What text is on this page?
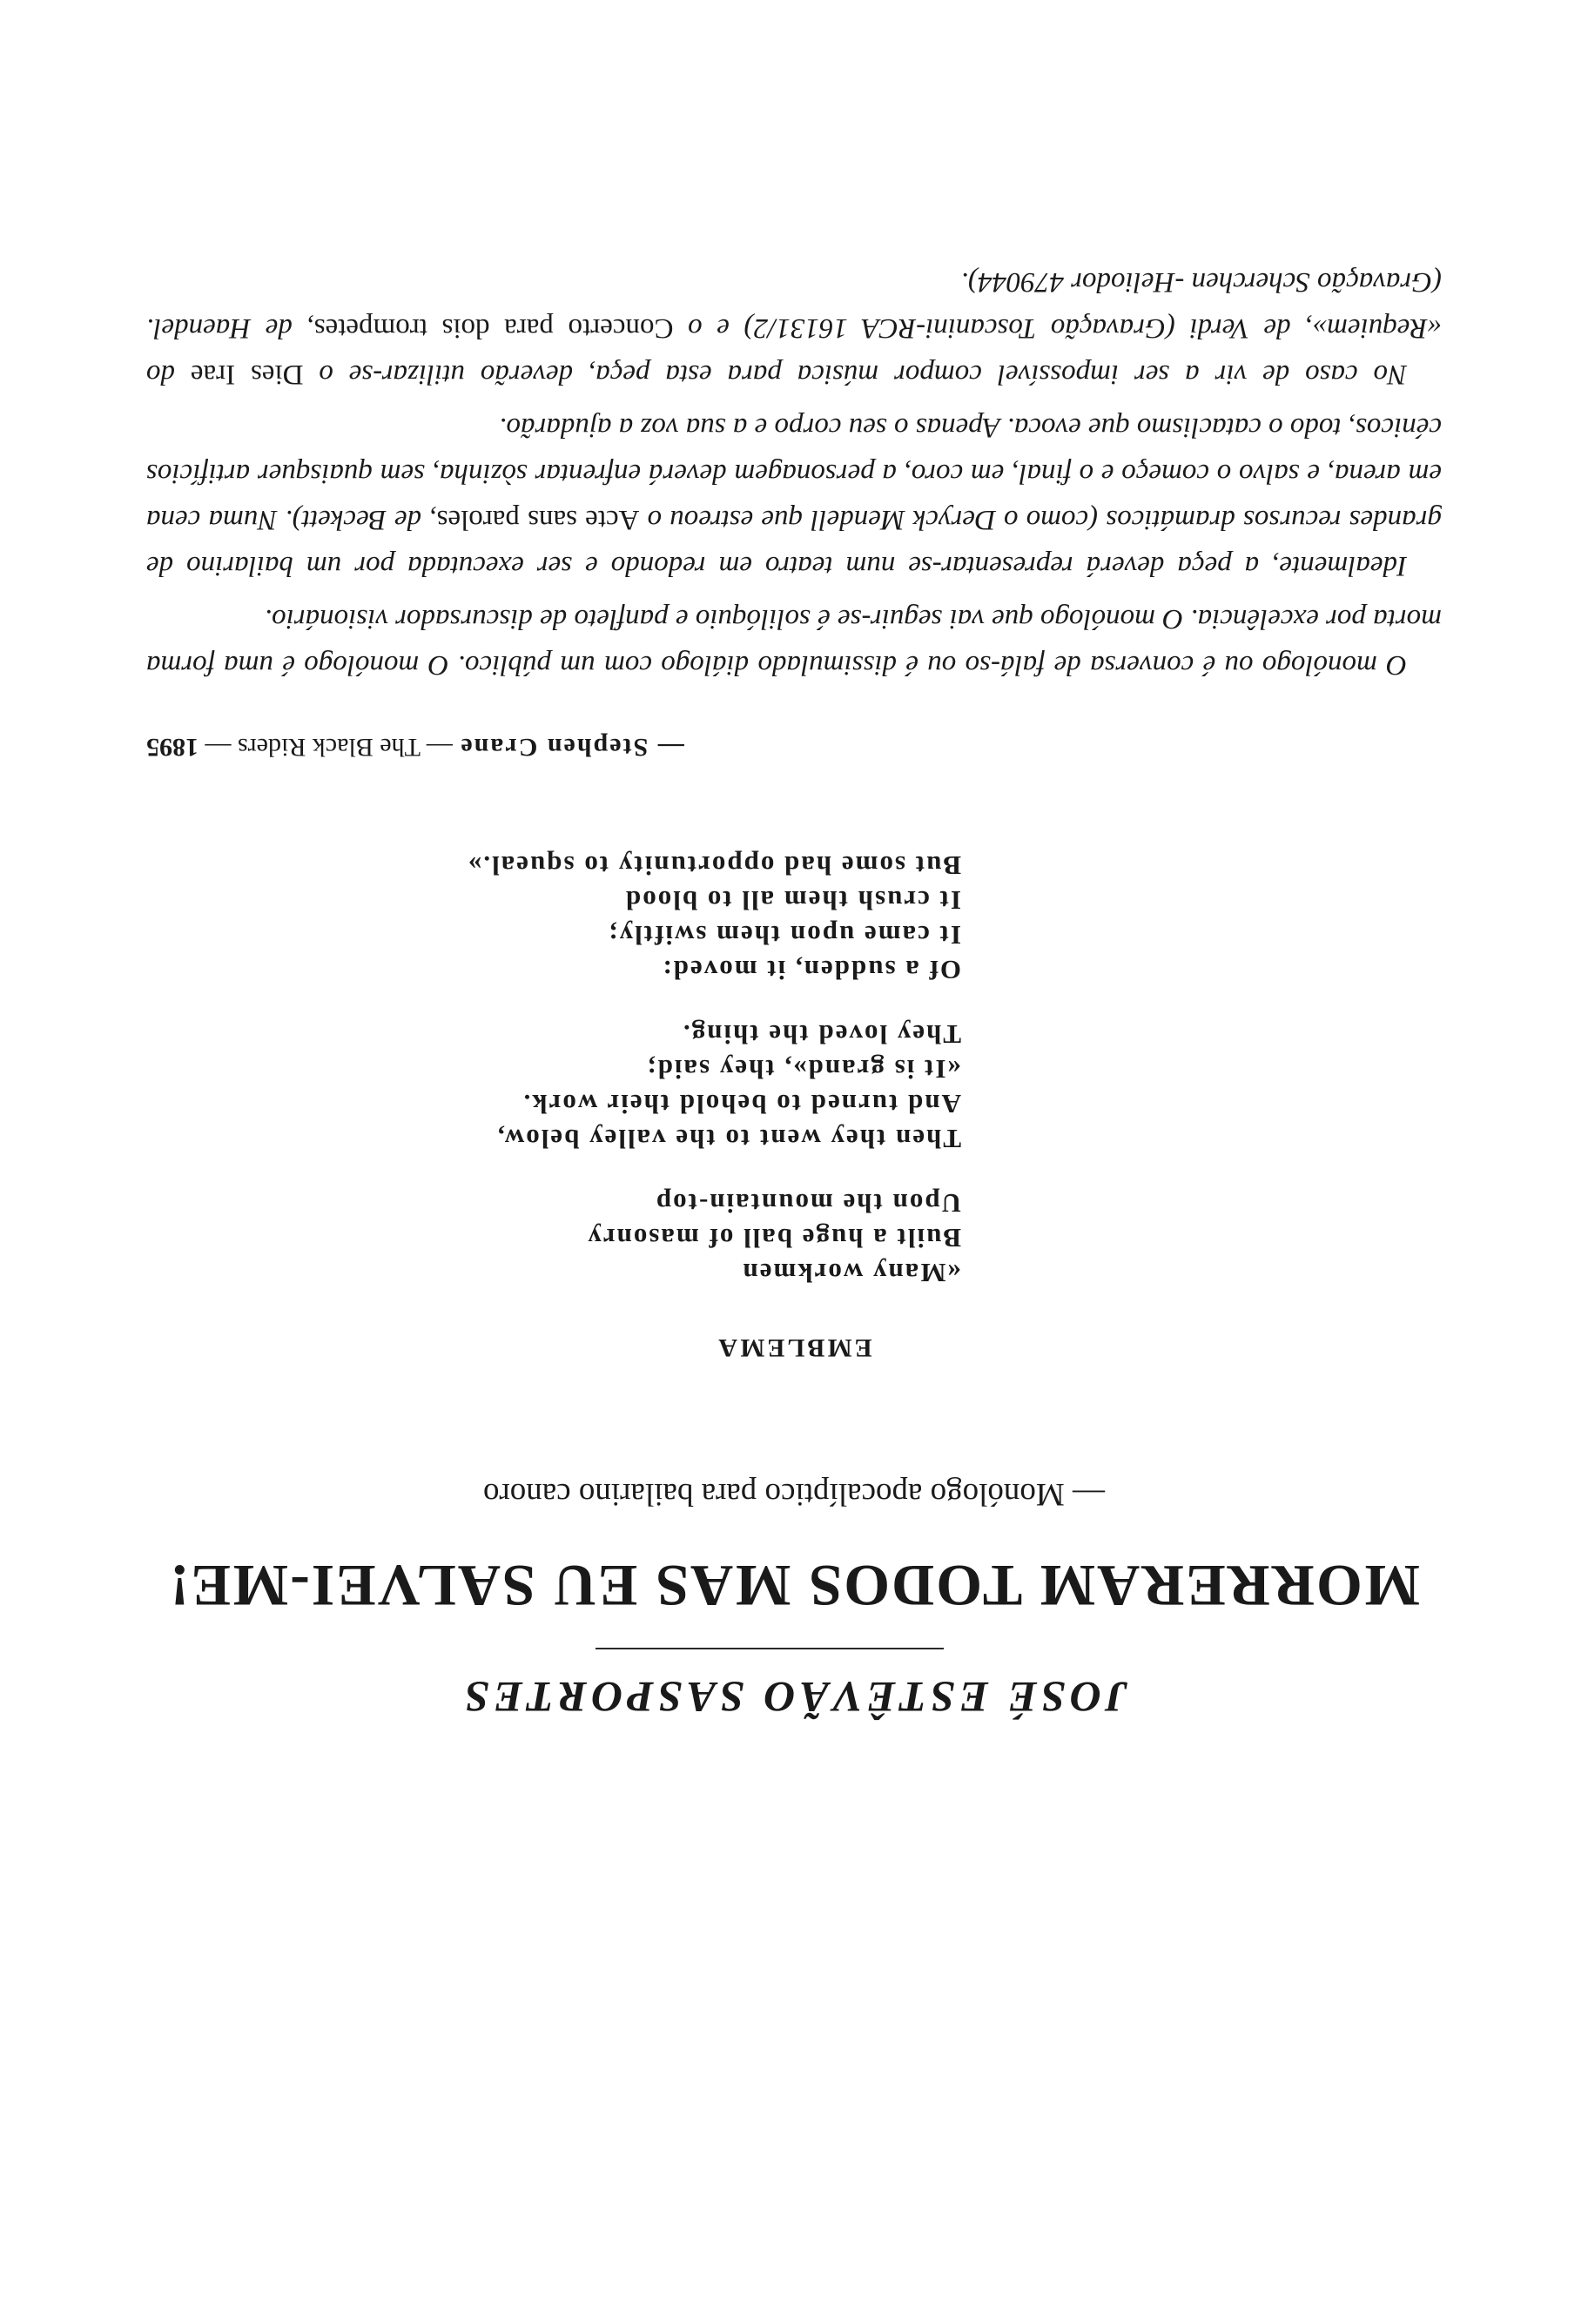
JOSÉ ESTÊVÃO SASPORTES
MORRERAM TODOS MAS EU SALVEI-ME!
— Monólogo apocalíptico para bailarino canoro
EMBLEMA
«Many workmen
Built a huge ball of masonry
Upon the mountain-top
Then they went to the valley below,
And turned to behold their work.
«It is grand», they said;
They loved the thing.
Of a sudden, it moved:
It came upon them swiftly;
It crush them all to blood
But some had opportunity to squeal.»
— Stephen Crane — The Black Riders — 1895

O monólogo ou é conversa de falá-so ou é dissimulado diálogo com um público. O monólogo é uma forma morta por excelência. O monólogo que vai seguir-se é solilóquio e panfleto de discursador visionário.

Idealmente, a peça deverá representar-se num teatro em redondo e ser executada por um bailarino de grandes recursos dramáticos (como o Deryck Mendell que estreou o Acte sans paroles, de Beckett). Numa cena em arena, e salvo o começo e o final, em coro, a personagem deverá enfrentar sòzinha, sem quaisquer artifícios cénicos, todo o cataclismo que evoca. Apenas o seu corpo e a sua voz a ajudarão.

No caso de vir a ser impossível compor música para esta peça, deverão utilizar-se o Dies Irae do «Requiem», de Verdi (Gravação Toscanini-RCA 16131/2) e o Concerto para dois trompetes, de Haendel. (Gravação Scherchen -Heliodor 479044).
